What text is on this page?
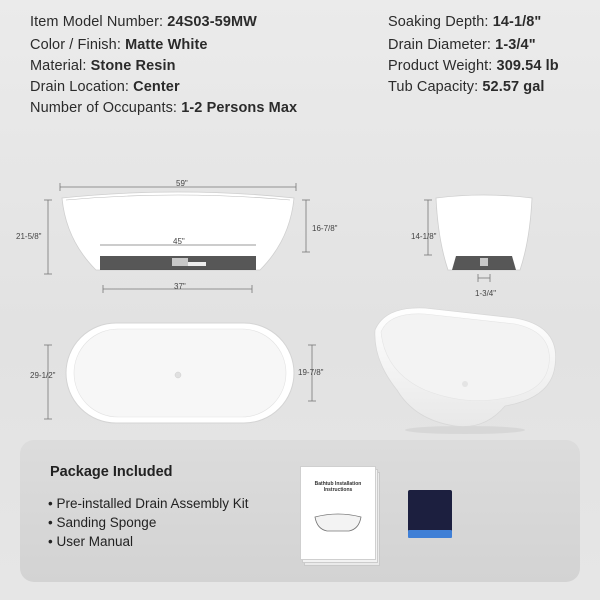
Item Model Number: 24S03-59MW
Color / Finish: Matte White
Material: Stone Resin
Drain Location: Center
Number of Occupants: 1-2 Persons Max
Soaking Depth: 14-1/8"
Drain Diameter: 1-3/4"
Product Weight: 309.54 lb
Tub Capacity: 52.57 gal
59"
21-5/8"
45"
37"
16-7/8"
14-1/8"
1-3/4"
29-1/2"	19-7/8"
Package Included
• Pre-installed Drain Assembly Kit
• Sanding Sponge
• User Manual
Bathtub Installation
Instructions
